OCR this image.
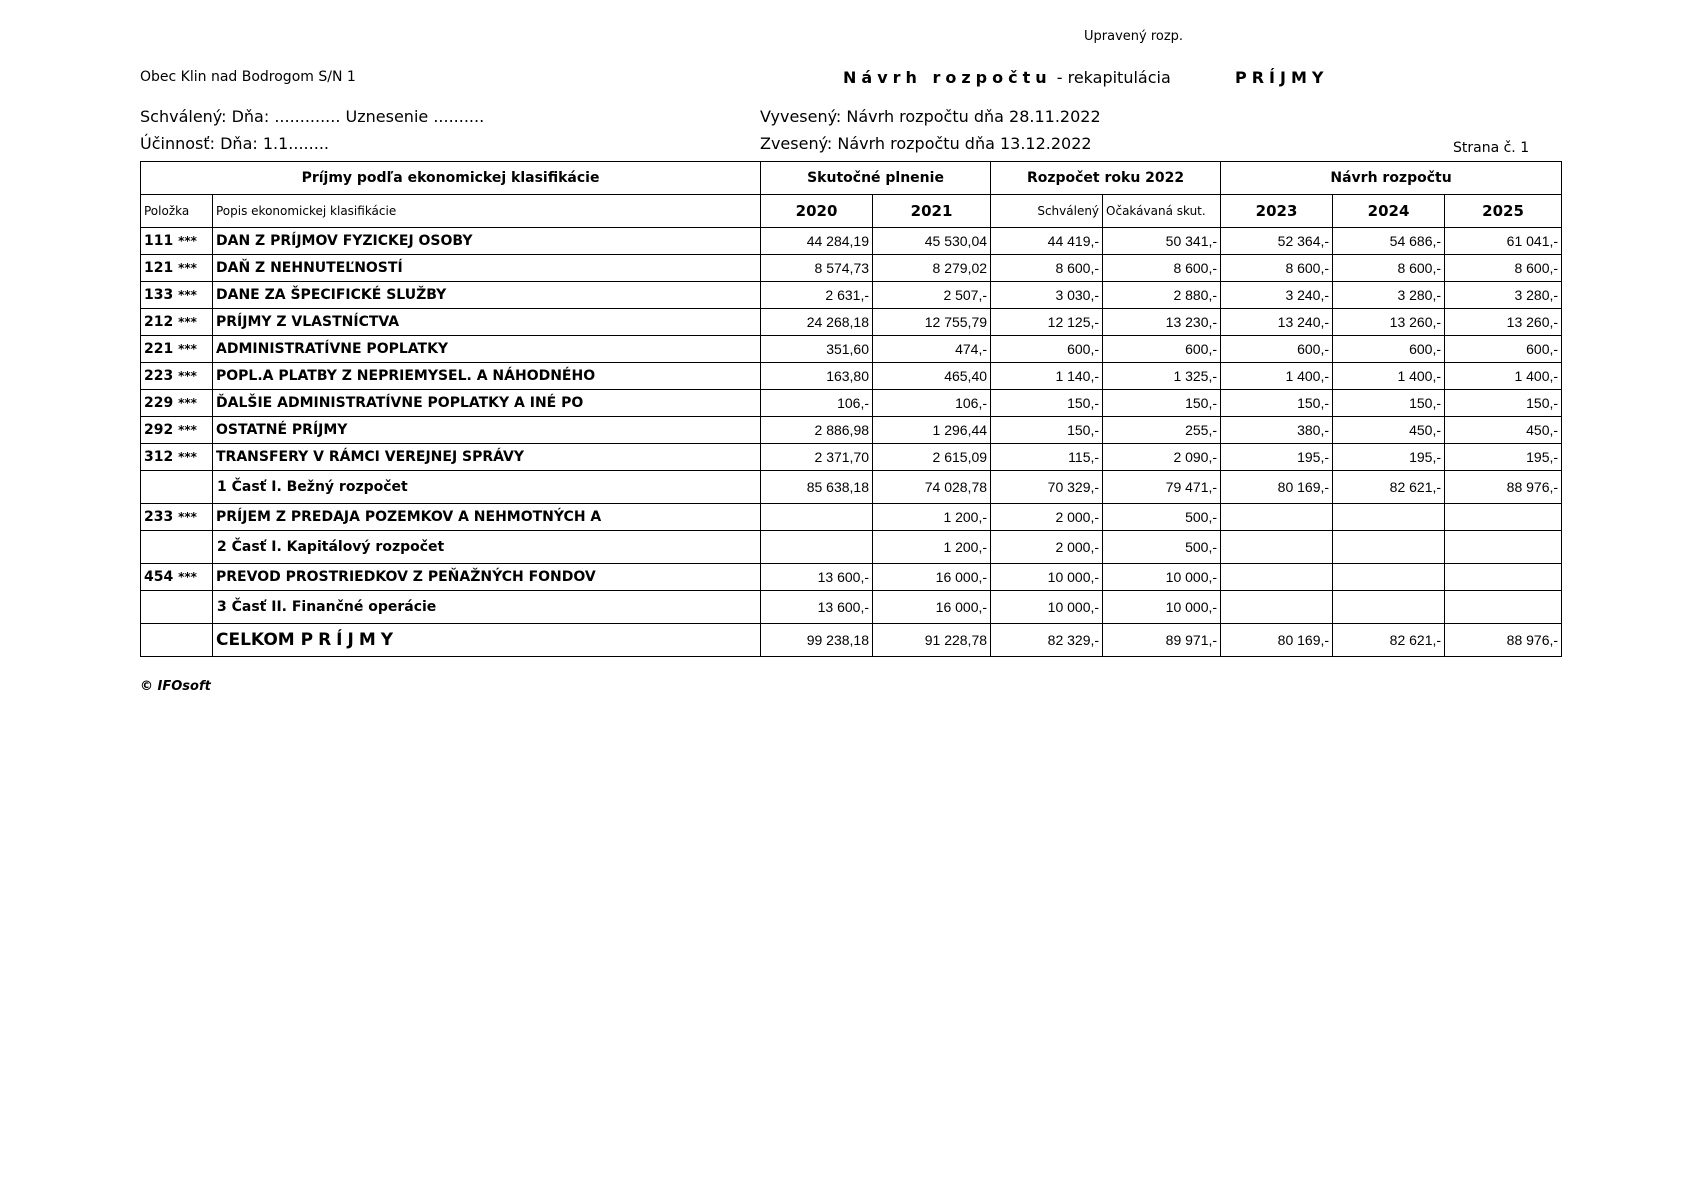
Upravený rozp.
Obec Klin nad Bodrogom S/N 1	Návrh rozpočtu - rekapitulácia	PRÍJMY
Schválený: Dňa: ............. Uznesenie ..........
Účinnosť: Dňa: 1.1........
Vyvesený: Návrh rozpočtu dňa 28.11.2022
Zvesený: Návrh rozpočtu dňa 13.12.2022	Strana č. 1
Príjmy podľa ekonomickej klasifikácie		Skutočné plnenie		Rozpočet roku 2022		Návrh rozpočtu		
Položka	Popis ekonomickej klasifikácie	2020	2021	Schválený	Očakávaná skut.	2023	2024	2025
111 ***	DAN Z PRÍJMOV FYZICKEJ OSOBY	44 284,19	45 530,04	44 419,-	50 341,-	52 364,-	54 686,-	61 041,-
121 ***	DAŇ Z NEHNUTEĽNOSTÍ	8 574,73	8 279,02	8 600,-	8 600,-	8 600,-	8 600,-	8 600,-
133 ***	DANE ZA ŠPECIFICKÉ SLUŽBY	2 631,-	2 507,-	3 030,-	2 880,-	3 240,-	3 280,-	3 280,-
212 ***	PRÍJMY Z VLASTNÍCTVA	24 268,18	12 755,79	12 125,-	13 230,-	13 240,-	13 260,-	13 260,-
221 ***	ADMINISTRATÍVNE POPLATKY	351,60	474,-	600,-	600,-	600,-	600,-	600,-
223 ***	POPL.A PLATBY Z NEPRIEMYSEL. A NÁHODNÉHO	163,80	465,40	1 140,-	1 325,-	1 400,-	1 400,-	1 400,-
229 ***	ĎALŠIE ADMINISTRATÍVNE POPLATKY A INÉ PO	106,-	106,-	150,-	150,-	150,-	150,-	150,-
292 ***	OSTATNÉ PRÍJMY	2 886,98	1 296,44	150,-	255,-	380,-	450,-	450,-
312 ***	TRANSFERY V RÁMCI VEREJNEJ SPRÁVY	2 371,70	2 615,09	115,-	2 090,-	195,-	195,-	195,-
	1 Časť I. Bežný rozpočet	85 638,18	74 028,78	70 329,-	79 471,-	80 169,-	82 621,-	88 976,-
233 ***	PRÍJEM Z PREDAJA POZEMKOV A NEHMOTNÝCH A		1 200,-	2 000,-	500,-			
	2 Časť I. Kapitálový rozpočet		1 200,-	2 000,-	500,-			
454 ***	PREVOD PROSTRIEDKOV Z PEŇAŽNÝCH FONDOV	13 600,-	16 000,-	10 000,-	10 000,-			
	3 Časť II. Finančné operácie	13 600,-	16 000,-	10 000,-	10 000,-			
	CELKOM PRÍJMY	99 238,18	91 228,78	82 329,-	89 971,-	80 169,-	82 621,-	88 976,-
© IFOsoft
